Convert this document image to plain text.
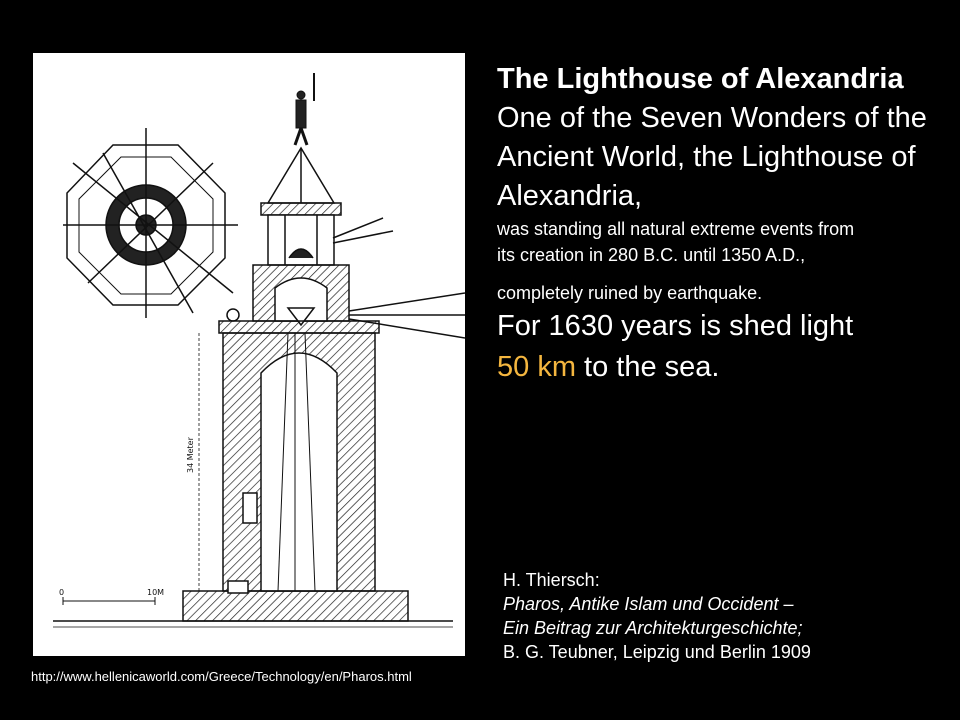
34 Meter
0	10M
The Lighthouse of Alexandria
One of the Seven Wonders of the Ancient World, the Lighthouse of Alexandria,
was standing all natural extreme events from
its creation in 280 B.C. until 1350 A.D.,
completely ruined by earthquake.
For 1630 years is shed light
50 km to the sea.
H. Thiersch:
Pharos, Antike Islam und Occident –
Ein Beitrag zur Architekturgeschichte;
B. G. Teubner, Leipzig und Berlin 1909
http://www.hellenicaworld.com/Greece/Technology/en/Pharos.html
